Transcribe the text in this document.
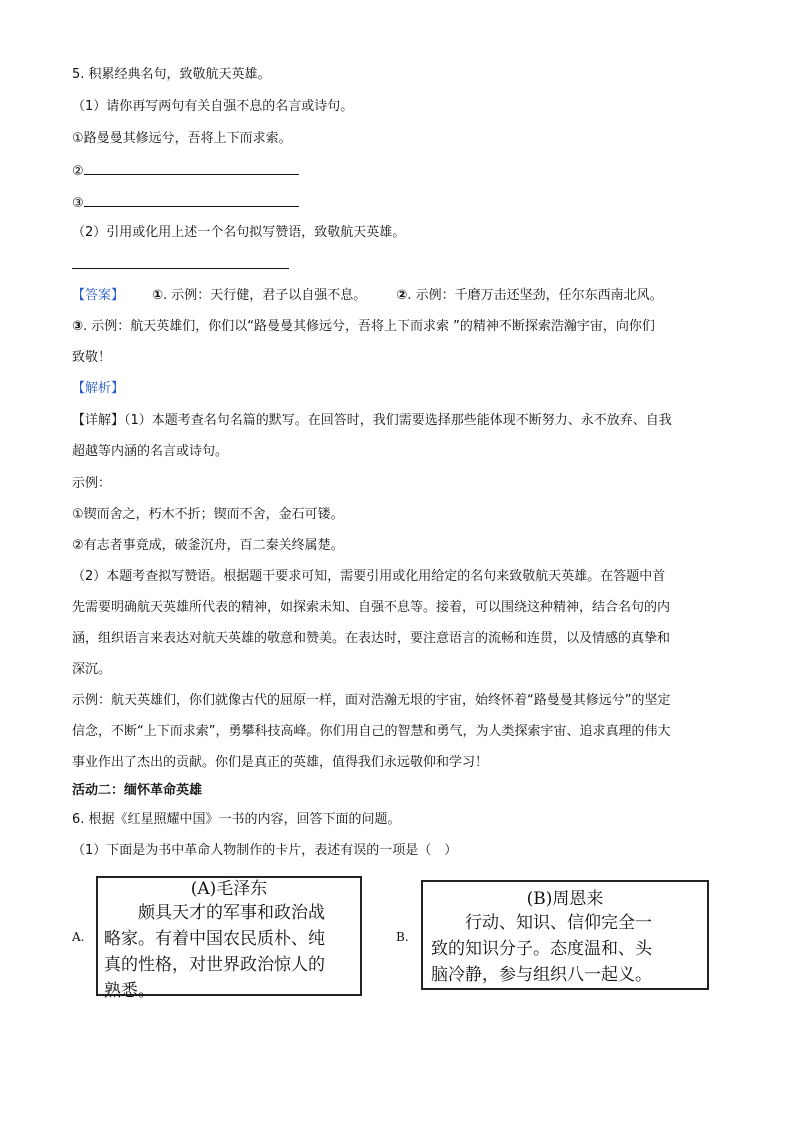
5. 积累经典名句，致敬航天英雄。
（1）请你再写两句有关自强不息的名言或诗句。
①路曼曼其修远兮，吾将上下而求索。
②
③
（2）引用或化用上述一个名句拟写赞语，致敬航天英雄。
【答案】 ①. 示例：天行健，君子以自强不息。 ②. 示例：千磨万击还坚劲，任尔东西南北风。
③. 示例：航天英雄们，你们以“路曼曼其修远兮，吾将上下而求索 ”的精神不断探索浩瀚宇宙，向你们
致敬！
【解析】
【详解】（1）本题考查名句名篇的默写。在回答时，我们需要选择那些能体现不断努力、永不放弃、自我
超越等内涵的名言或诗句。
示例：
①锲而舍之，朽木不折；锲而不舍，金石可镂。
②有志者事竟成，破釜沉舟，百二秦关终属楚。
（2）本题考查拟写赞语。根据题干要求可知，需要引用或化用给定的名句来致敬航天英雄。在答题中首
先需要明确航天英雄所代表的精神，如探索未知、自强不息等。接着，可以围绕这种精神，结合名句的内
涵，组织语言来表达对航天英雄的敬意和赞美。在表达时，要注意语言的流畅和连贯，以及情感的真挚和
深沉。
示例：航天英雄们，你们就像古代的屈原一样，面对浩瀚无垠的宇宙，始终怀着“路曼曼其修远兮”的坚定
信念，不断“上下而求索”，勇攀科技高峰。你们用自己的智慧和勇气，为人类探索宇宙、追求真理的伟大
事业作出了杰出的贡献。你们是真正的英雄，值得我们永远敬仰和学习！
活动二：缅怀革命英雄
6. 根据《红星照耀中国》一书的内容，回答下面的问题。
（1）下面是为书中革命人物制作的卡片，表述有误的一项是（　）
A.
(A)毛泽东
　　颇具天才的军事和政治战
略家。有着中国农民质朴、纯
真的性格，对世界政治惊人的
熟悉。
B.
(B)周恩来
　　行动、知识、信仰完全一
致的知识分子。态度温和、头
脑冷静，参与组织八一起义。
